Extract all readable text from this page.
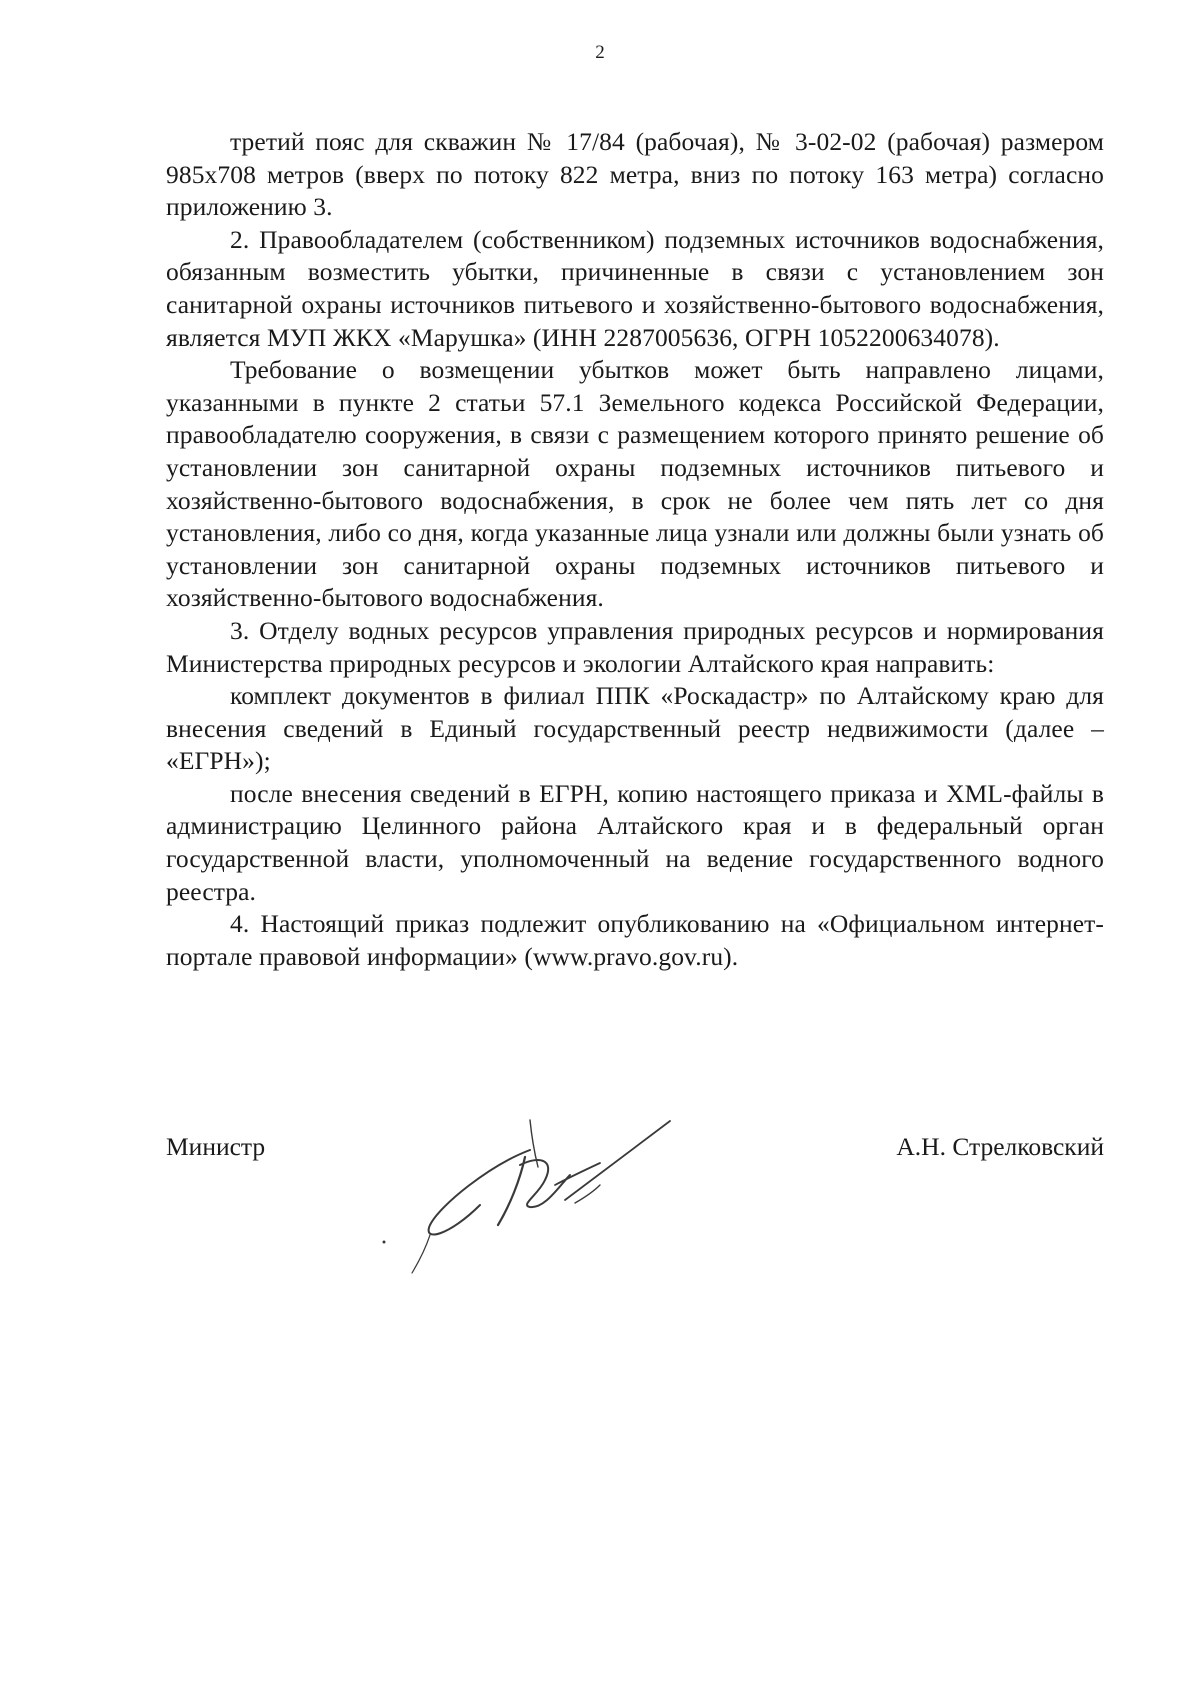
2

третий пояс для скважин № 17/84 (рабочая), № 3-02-02 (рабочая) размером 985x708 метров (вверх по потоку 822 метра, вниз по потоку 163 метра) согласно приложению 3.

2. Правообладателем (собственником) подземных источников водоснабжения, обязанным возместить убытки, причиненные в связи с установлением зон санитарной охраны источников питьевого и хозяйственно-бытового водоснабжения, является МУП ЖКХ «Марушка» (ИНН 2287005636, ОГРН 1052200634078).

Требование о возмещении убытков может быть направлено лицами, указанными в пункте 2 статьи 57.1 Земельного кодекса Российской Федерации, правообладателю сооружения, в связи с размещением которого принято решение об установлении зон санитарной охраны подземных источников питьевого и хозяйственно-бытового водоснабжения, в срок не более чем пять лет со дня установления, либо со дня, когда указанные лица узнали или должны были узнать об установлении зон санитарной охраны подземных источников питьевого и хозяйственно-бытового водоснабжения.

3. Отделу водных ресурсов управления природных ресурсов и нормирования Министерства природных ресурсов и экологии Алтайского края направить:

комплект документов в филиал ППК «Роскадастр» по Алтайскому краю для внесения сведений в Единый государственный реестр недвижимости (далее – «ЕГРН»);

после внесения сведений в ЕГРН, копию настоящего приказа и XML-файлы в администрацию Целинного района Алтайского края и в федеральный орган государственной власти, уполномоченный на ведение государственного водного реестра.

4. Настоящий приказ подлежит опубликованию на «Официальном интернет-портале правовой информации» (www.pravo.gov.ru).

Министр	А.Н. Стрелковский
